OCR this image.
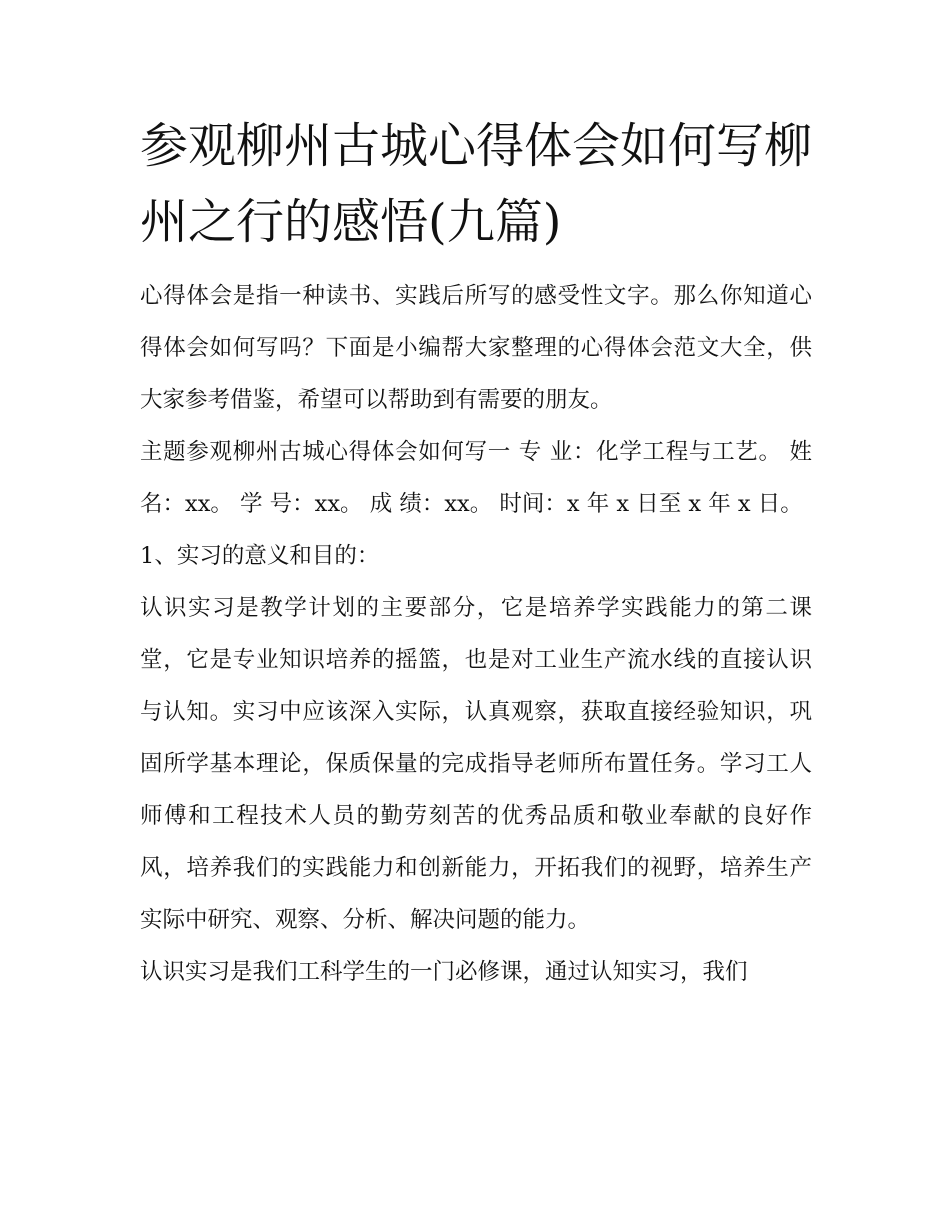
参观柳州古城心得体会如何写柳州之行的感悟(九篇)

心得体会是指一种读书、实践后所写的感受性文字。那么你知道心得体会如何写吗？下面是小编帮大家整理的心得体会范文大全，供大家参考借鉴，希望可以帮助到有需要的朋友。

主题参观柳州古城心得体会如何写一 专 业：化学工程与工艺。 姓 名：xx。 学 号：xx。 成 绩：xx。 时间：x 年 x 日至 x 年 x 日。

1、实习的意义和目的：

认识实习是教学计划的主要部分，它是培养学实践能力的第二课堂，它是专业知识培养的摇篮，也是对工业生产流水线的直接认识与认知。实习中应该深入实际，认真观察，获取直接经验知识，巩固所学基本理论，保质保量的完成指导老师所布置任务。学习工人师傅和工程技术人员的勤劳刻苦的优秀品质和敬业奉献的良好作风，培养我们的实践能力和创新能力，开拓我们的视野，培养生产实际中研究、观察、分析、解决问题的能力。

认识实习是我们工科学生的一门必修课，通过认知实习，我们
